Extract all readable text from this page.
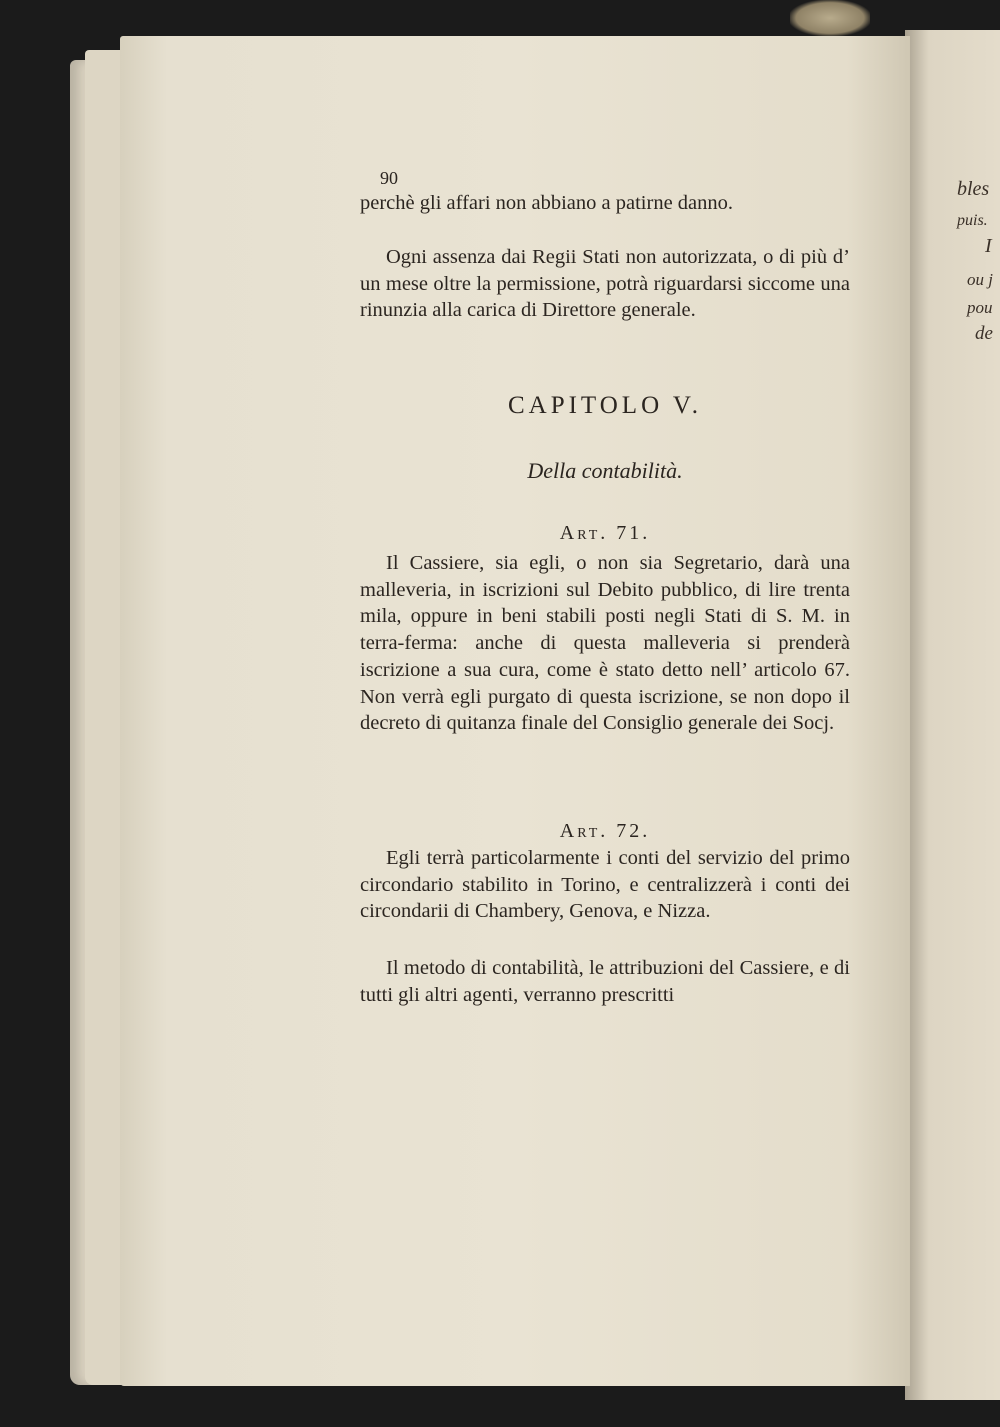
bles
puis.
I
ou j
pou
de
90

perchè gli affari non abbiano a patirne danno.

Ogni assenza dai Regii Stati non autorizzata, o di più d’ un mese oltre la permissione, potrà riguardarsi siccome una rinunzia alla carica di Direttore generale.

CAPITOLO V.
Della contabilità.
Art. 71.

Il Cassiere, sia egli, o non sia Segretario, darà una malleveria, in iscrizioni sul Debito pubblico, di lire trenta mila, oppure in beni stabili posti negli Stati di S. M. in terra-ferma: anche di questa malleveria si prenderà iscrizione a sua cura, come è stato detto nell’ articolo 67. Non verrà egli purgato di questa iscrizione, se non dopo il decreto di quitanza finale del Consiglio generale dei Socj.

Art. 72.

Egli terrà particolarmente i conti del servizio del primo circondario stabilito in Torino, e centralizzerà i conti dei circondarii di Chambery, Genova, e Nizza.

Il metodo di contabilità, le attribuzioni del Cassiere, e di tutti gli altri agenti, verranno prescritti
